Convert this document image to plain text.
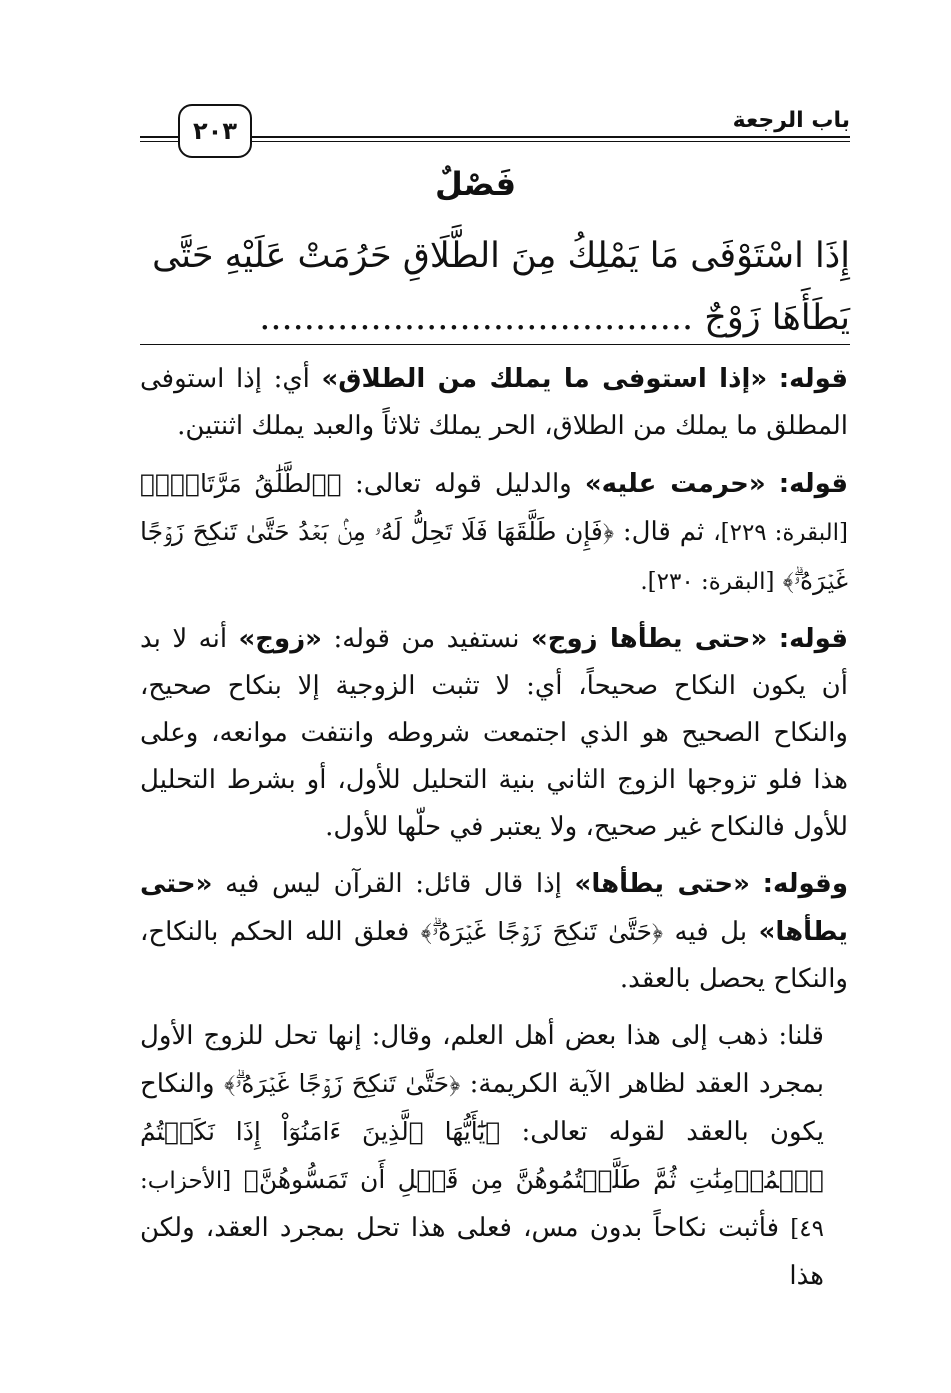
باب الرجعة
٢٠٣
فَصْلٌ
إِذَا اسْتَوْفَى مَا يَمْلِكُ مِنَ الطَّلَاقِ حَرُمَتْ عَلَيْهِ حَتَّى
يَطَأَهَا زَوْجٌ .......................................

قوله: «إذا استوفى ما يملك من الطلاق» أي: إذا استوفى المطلق ما يملك من الطلاق، الحر يملك ثلاثاً والعبد يملك اثنتين.

قوله: «حرمت عليه» والدليل قوله تعالى: ﴿ٱلطَّلَٰقُ مَرَّتَانِۖ﴾ [البقرة: ٢٢٩]، ثم قال: ﴿فَإِن طَلَّقَهَا فَلَا تَحِلُّ لَهُۥ مِنۢ بَعۡدُ حَتَّىٰ تَنكِحَ زَوۡجًا غَيۡرَهُۥۗ﴾ [البقرة: ٢٣٠].

قوله: «حتى يطأها زوج» نستفيد من قوله: «زوج» أنه لا بد أن يكون النكاح صحيحاً، أي: لا تثبت الزوجية إلا بنكاح صحيح، والنكاح الصحيح هو الذي اجتمعت شروطه وانتفت موانعه، وعلى هذا فلو تزوجها الزوج الثاني بنية التحليل للأول، أو بشرط التحليل للأول فالنكاح غير صحيح، ولا يعتبر في حلّها للأول.

وقوله: «حتى يطأها» إذا قال قائل: القرآن ليس فيه «حتى يطأها» بل فيه ﴿حَتَّىٰ تَنكِحَ زَوۡجًا غَيۡرَهُۥۗ﴾ فعلق الله الحكم بالنكاح، والنكاح يحصل بالعقد.

قلنا: ذهب إلى هذا بعض أهل العلم، وقال: إنها تحل للزوج الأول بمجرد العقد لظاهر الآية الكريمة: ﴿حَتَّىٰ تَنكِحَ زَوۡجًا غَيۡرَهُۥۗ﴾ والنكاح يكون بالعقد لقوله تعالى: ﴿يَٰٓأَيُّهَا ٱلَّذِينَ ءَامَنُوٓاْ إِذَا نَكَحۡتُمُ ٱلۡمُؤۡمِنَٰتِ ثُمَّ طَلَّقۡتُمُوهُنَّ مِن قَبۡلِ أَن تَمَسُّوهُنَّ﴾ [الأحزاب: ٤٩] فأثبت نكاحاً بدون مس، فعلى هذا تحل بمجرد العقد، ولكن هذا
